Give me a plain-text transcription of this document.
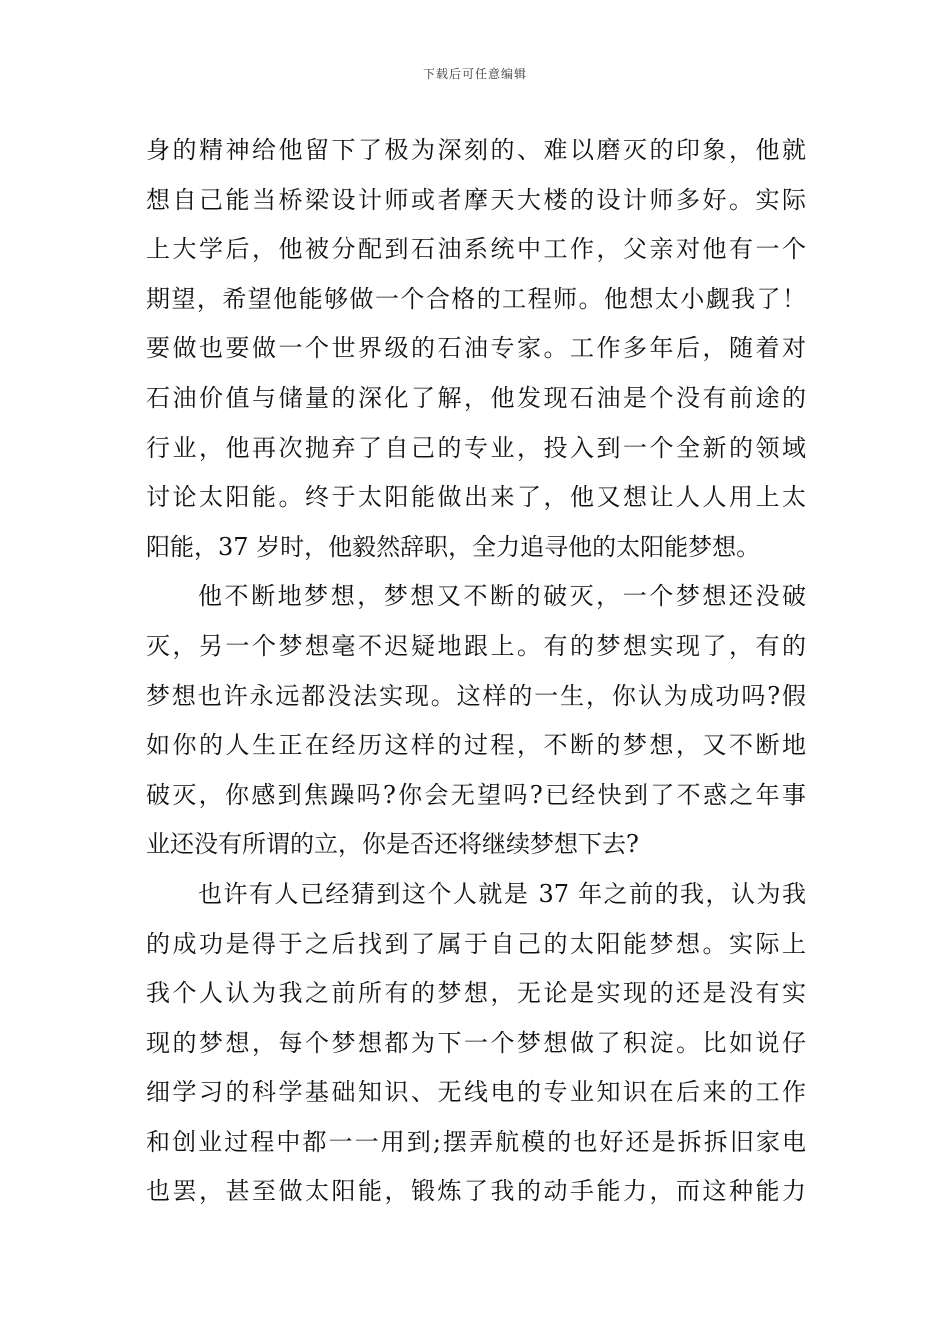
下载后可任意编辑
身的精神给他留下了极为深刻的、难以磨灭的印象，他就
想自己能当桥梁设计师或者摩天大楼的设计师多好。实际
上大学后，他被分配到石油系统中工作，父亲对他有一个
期望，希望他能够做一个合格的工程师。他想太小觑我了！
要做也要做一个世界级的石油专家。工作多年后，随着对
石油价值与储量的深化了解，他发现石油是个没有前途的
行业，他再次抛弃了自己的专业，投入到一个全新的领域
讨论太阳能。终于太阳能做出来了，他又想让人人用上太
阳能，37 岁时，他毅然辞职，全力追寻他的太阳能梦想。
他不断地梦想，梦想又不断的破灭，一个梦想还没破
灭，另一个梦想毫不迟疑地跟上。有的梦想实现了，有的
梦想也许永远都没法实现。这样的一生，你认为成功吗?假
如你的人生正在经历这样的过程，不断的梦想，又不断地
破灭，你感到焦躁吗?你会无望吗?已经快到了不惑之年事
业还没有所谓的立，你是否还将继续梦想下去?
也许有人已经猜到这个人就是 37 年之前的我，认为我
的成功是得于之后找到了属于自己的太阳能梦想。实际上
我个人认为我之前所有的梦想，无论是实现的还是没有实
现的梦想，每个梦想都为下一个梦想做了积淀。比如说仔
细学习的科学基础知识、无线电的专业知识在后来的工作
和创业过程中都一一用到;摆弄航模的也好还是拆拆旧家电
也罢，甚至做太阳能，锻炼了我的动手能力，而这种能力
